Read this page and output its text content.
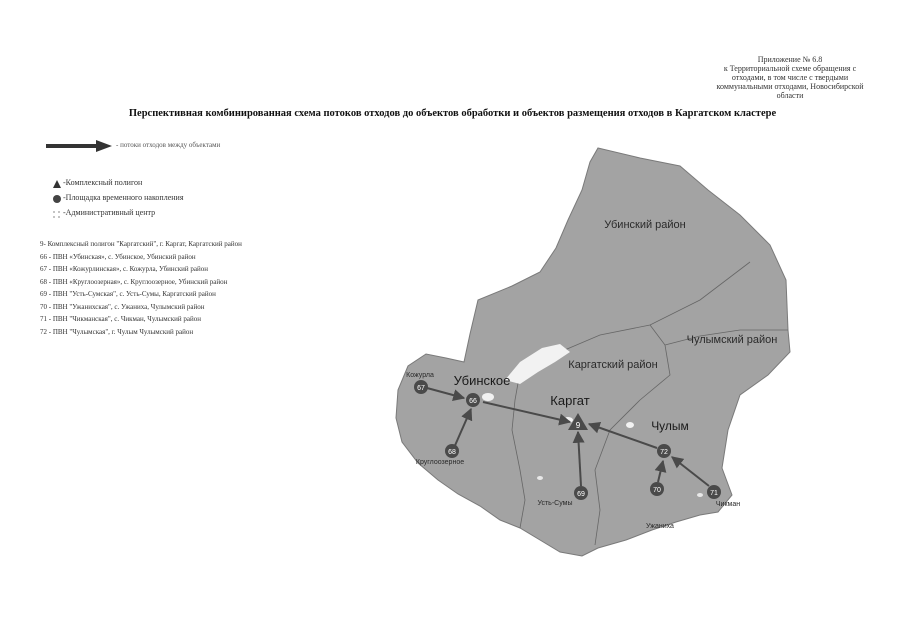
Приложение № 6.8
к Территориальной схеме обращения с
отходами, в том числе с твердыми
коммунальными отходами, Новосибирской
области
Перспективная комбинированная схема потоков отходов до объектов обработки и объектов размещения отходов в Каргатском кластере
- потоки отходов между объектами
-Комплексный полигон
-Площадка временного накопления
-Административный центр
9- Комплексный полигон "Каргатский", г. Каргат, Каргатский район
66 - ПВН «Убинская», с. Убинское, Убинский район
67 - ПВН «Кожурлинская», с. Кожурла, Убинский район
68 - ПВН «Круглоозерная», с. Круглоозерное, Убинский район
69 - ПВН "Усть-Сумская", с. Усть-Сумы, Каргатский район
70 - ПВН "Ужанихская", с. Ужаниха, Чулымский район
71 - ПВН "Чикманская", с. Чикман, Чулымский район
72 - ПВН "Чулымская", г. Чулым Чулымский район
9
66
67
68
69
70	71
72
Убинский район
Каргатский район
Чулымский район
Убинское
Каргат
Чулым
Кожурла
Круглоозерное
Усть-Сумы
Ужаниха
Чикман
